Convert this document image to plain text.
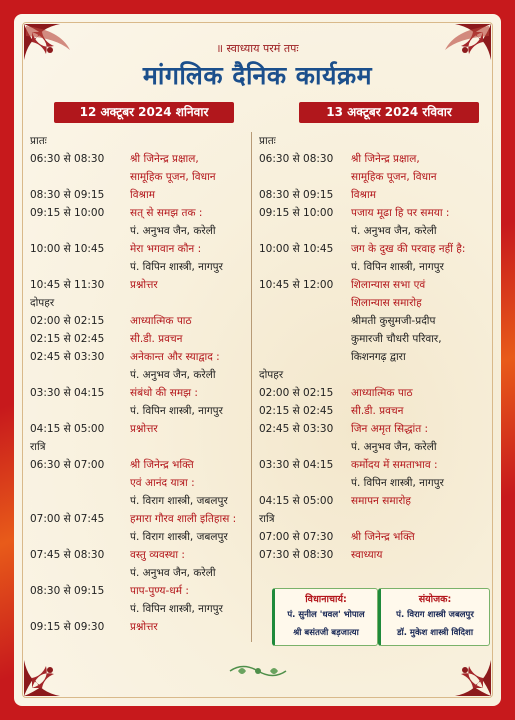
॥ स्वाध्याय परमं तपः
मांगलिक दैनिक कार्यक्रम
12 अक्टूबर 2024 शनिवार	13 अक्टूबर 2024 रविवार
प्रातः
06:30 से 08:30 श्री जिनेन्द्र प्रक्षाल,
सामूहिक पूजन, विधान
08:30 से 09:15 विश्राम
09:15 से 10:00 सत् से समझ तक :
पं. अनुभव जैन, करेली
10:00 से 10:45 मेरा भगवान कौन :
पं. विपिन शास्त्री, नागपुर
10:45 से 11:30 प्रश्नोत्तर
दोपहर
02:00 से 02:15 आध्यात्मिक पाठ
02:15 से 02:45 सी.डी. प्रवचन
02:45 से 03:30 अनेकान्त और स्याद्वाद :
पं. अनुभव जैन, करेली
03:30 से 04:15 संबंधो की समझ :
पं. विपिन शास्त्री, नागपुर
04:15 से 05:00 प्रश्नोत्तर
रात्रि
06:30 से 07:00 श्री जिनेन्द्र भक्ति
एवं आनंद यात्रा :
पं. विराग शास्त्री, जबलपुर
07:00 से 07:45 हमारा गौरव शाली इतिहास :
पं. विराग शास्त्री, जबलपुर
07:45 से 08:30 वस्तु व्यवस्था :
पं. अनुभव जैन, करेली
08:30 से 09:15 पाप-पुण्य-धर्म :
पं. विपिन शास्त्री, नागपुर
09:15 से 09:30 प्रश्नोत्तर
प्रातः
06:30 से 08:30 श्री जिनेन्द्र प्रक्षाल,
सामूहिक पूजन, विधान
08:30 से 09:15 विश्राम
09:15 से 10:00 पजाय मूढा हि पर समया :
पं. अनुभव जैन, करेली
10:00 से 10:45 जग के दुख की परवाह नहीं है:
पं. विपिन शास्त्री, नागपुर
10:45 से 12:00 शिलान्यास सभा एवं
शिलान्यास समारोह
श्रीमती कुसुमजी-प्रदीप
कुमारजी चौधरी परिवार,
किशनगढ़ द्वारा
दोपहर
02:00 से 02:15 आध्यात्मिक पाठ
02:15 से 02:45 सी.डी. प्रवचन
02:45 से 03:30 जिन अमृत सिद्धांत :
पं. अनुभव जैन, करेली
03:30 से 04:15 कर्मोदय में समताभाव :
पं. विपिन शास्त्री, नागपुर
04:15 से 05:00 समापन समारोह
रात्रि
07:00 से 07:30 श्री जिनेन्द्र भक्ति
07:30 से 08:30 स्वाध्याय
विधानाचार्य:
पं. सुनील 'धवल' भोपाल
श्री बसंतजी बड़जात्या
संयोजक:
पं. विराग शास्त्री जबलपुर
डॉ. मुकेश शास्त्री विदिशा
